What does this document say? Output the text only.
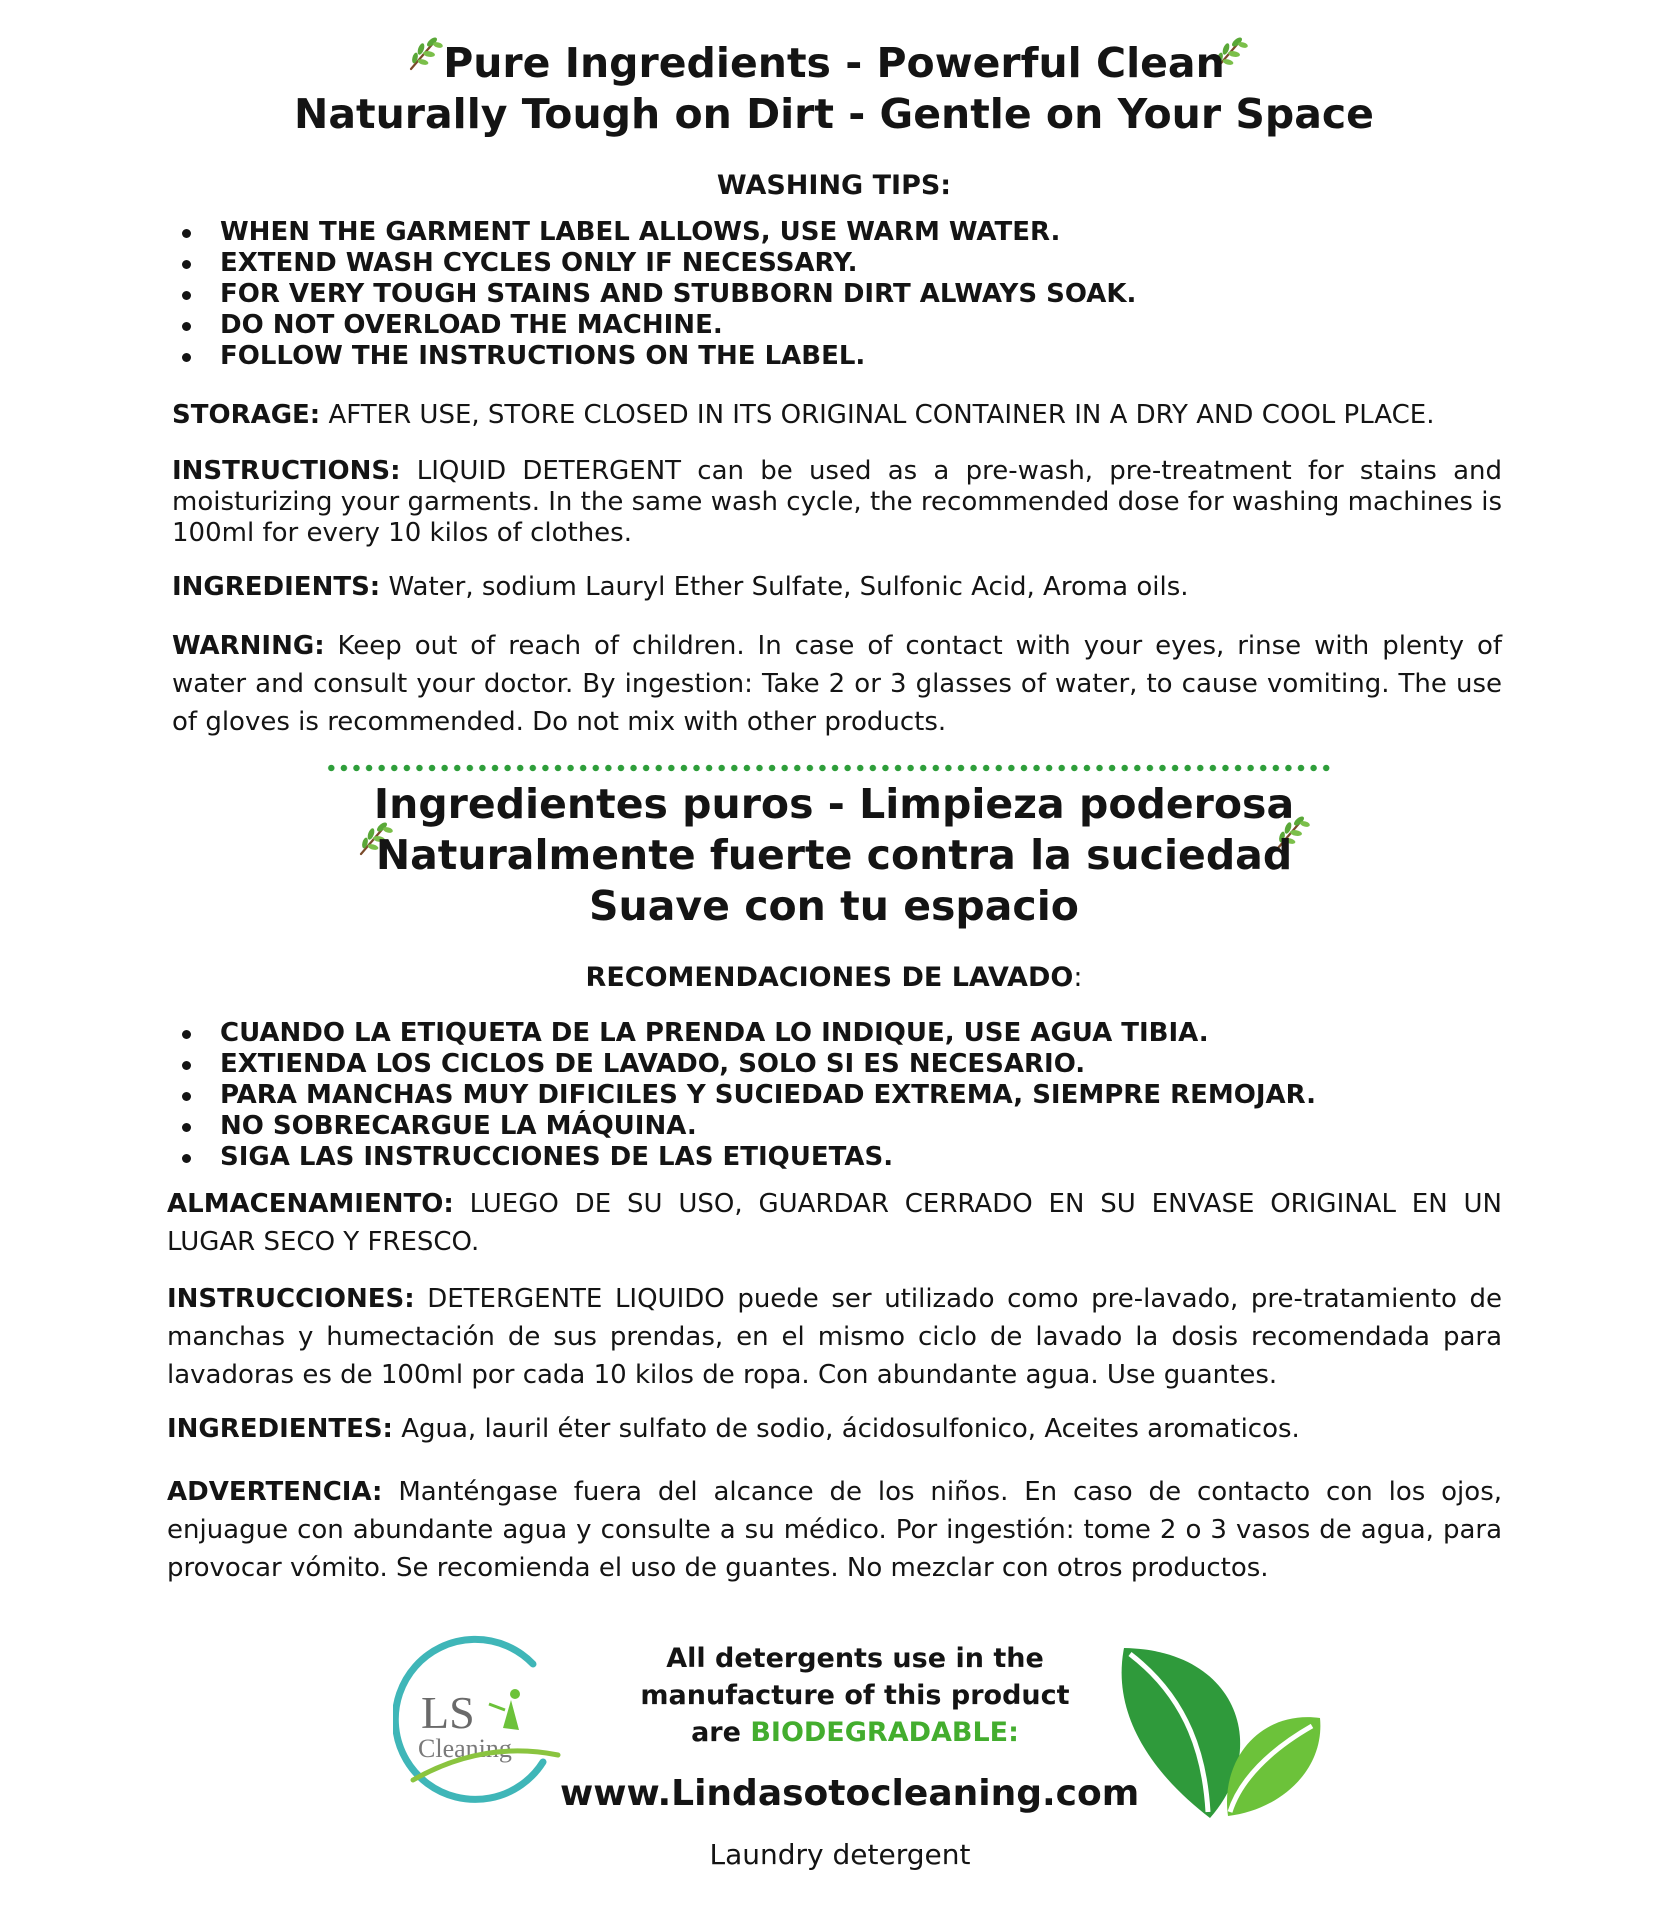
Pure Ingredients - Powerful Clean
Naturally Tough on Dirt - Gentle on Your Space
WASHING TIPS:
WHEN THE GARMENT LABEL ALLOWS, USE WARM WATER.
EXTEND WASH CYCLES ONLY IF NECESSARY.
FOR VERY TOUGH STAINS AND STUBBORN DIRT ALWAYS SOAK.
DO NOT OVERLOAD THE MACHINE.
FOLLOW THE INSTRUCTIONS ON THE LABEL.

STORAGE: AFTER USE, STORE CLOSED IN ITS ORIGINAL CONTAINER IN A DRY AND COOL PLACE.

INSTRUCTIONS: LIQUID DETERGENT can be used as a pre-wash, pre-treatment for stains and moisturizing your garments. In the same wash cycle, the recommended dose for washing machines is 100ml for every 10 kilos of clothes.

INGREDIENTS: Water, sodium Lauryl Ether Sulfate, Sulfonic Acid, Aroma oils.

WARNING: Keep out of reach of children. In case of contact with your eyes, rinse with plenty of water and consult your doctor. By ingestion: Take 2 or 3 glasses of water, to cause vomiting. The use of gloves is recommended. Do not mix with other products.

Ingredientes puros - Limpieza poderosa
Naturalmente fuerte contra la suciedad
Suave con tu espacio
RECOMENDACIONES DE LAVADO:
CUANDO LA ETIQUETA DE LA PRENDA LO INDIQUE, USE AGUA TIBIA.
EXTIENDA LOS CICLOS DE LAVADO, SOLO SI ES NECESARIO.
PARA MANCHAS MUY DIFICILES Y SUCIEDAD EXTREMA, SIEMPRE REMOJAR.
NO SOBRECARGUE LA MÁQUINA.
SIGA LAS INSTRUCCIONES DE LAS ETIQUETAS.

ALMACENAMIENTO: LUEGO DE SU USO, GUARDAR CERRADO EN SU ENVASE ORIGINAL EN UN LUGAR SECO Y FRESCO.

INSTRUCCIONES: DETERGENTE LIQUIDO puede ser utilizado como pre-lavado, pre-tratamiento de manchas y humectación de sus prendas, en el mismo ciclo de lavado la dosis recomendada para lavadoras es de 100ml por cada 10 kilos de ropa. Con abundante agua. Use guantes.

INGREDIENTES: Agua, lauril éter sulfato de sodio, ácidosulfonico, Aceites aromaticos.

ADVERTENCIA: Manténgase fuera del alcance de los niños. En caso de contacto con los ojos, enjuague con abundante agua y consulte a su médico. Por ingestión: tome 2 o 3 vasos de agua, para provocar vómito. Se recomienda el uso de guantes. No mezclar con otros productos.

LS
Cleaning
All detergents use in the
manufacture of this product
are BIODEGRADABLE:
www.Lindasotocleaning.com
Laundry detergent
